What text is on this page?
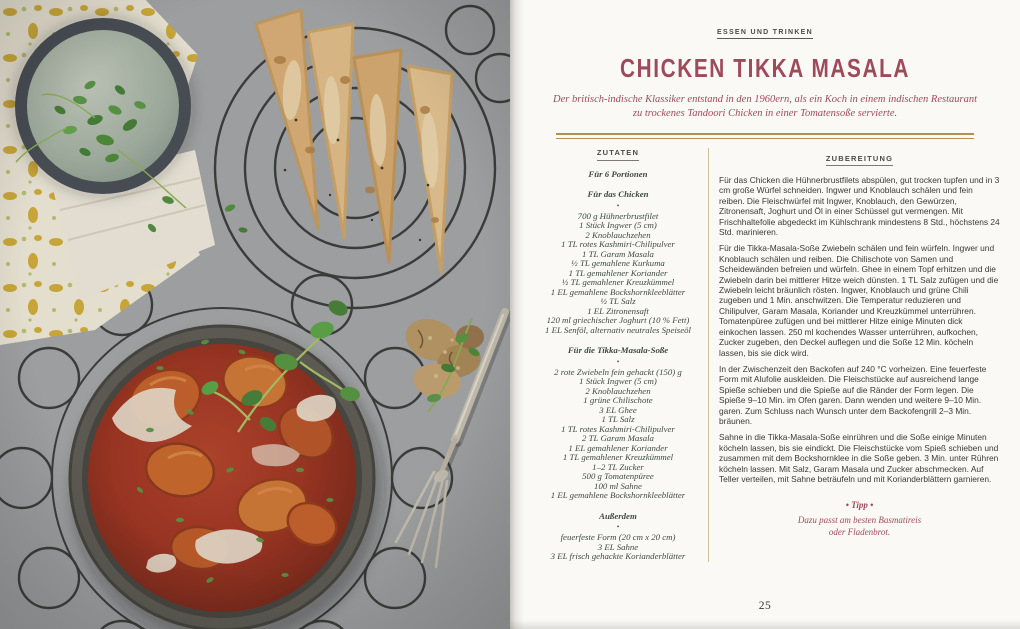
ESSEN UND TRINKEN
CHICKEN TIKKA MASALA

Der britisch-indische Klassiker entstand in den 1960ern, als ein Koch in einem indischen Restaurant
zu trockenes Tandoori Chicken in einer Tomatensoße servierte.

ZUTATEN
Für 6 Portionen
Für das Chicken
•
700 g Hühnerbrustfilet
1 Stück Ingwer (5 cm)
2 Knoblauchzehen
1 TL rotes Kashmiri-Chilipulver
1 TL Garam Masala
½ TL gemahlene Kurkuma
1 TL gemahlener Koriander
½ TL gemahlener Kreuzkümmel
1 EL gemahlene Bockshornkleeblätter
½ TL Salz
1 EL Zitronensaft
120 ml griechischer Joghurt (10 % Fett)
1 EL Senföl, alternativ neutrales Speiseöl
Für die Tikka-Masala-Soße
•
2 rote Zwiebeln fein gehackt (150) g
1 Stück Ingwer (5 cm)
2 Knoblauchzehen
1 grüne Chilischote
3 EL Ghee
1 TL Salz
1 TL rotes Kashmiri-Chilipulver
2 TL Garam Masala
1 EL gemahlener Koriander
1 TL gemahlener Kreuzkümmel
1–2 TL Zucker
500 g Tomatenpüree
100 ml Sahne
1 EL gemahlene Bockshornkleeblätter
Außerdem
•
feuerfeste Form (20 cm x 20 cm)
3 EL Sahne
3 EL frisch gehackte Korianderblätter
ZUBEREITUNG
Für das Chicken die Hühnerbrustfilets abspülen, gut trocken tupfen und in 3 cm große Würfel schneiden. Ingwer und Knoblauch schälen und fein reiben. Die Fleischwürfel mit Ingwer, Knoblauch, den Gewürzen, Zitronensaft, Joghurt und Öl in einer Schüssel gut vermengen. Mit Frischhaltefolie abgedeckt im Kühlschrank mindestens 8 Std., höchstens 24 Std. marinieren.
Für die Tikka-Masala-Soße Zwiebeln schälen und fein würfeln. Ingwer und Knoblauch schälen und reiben. Die Chilischote von Samen und Scheidewänden befreien und würfeln. Ghee in einem Topf erhitzen und die Zwiebeln darin bei mittlerer Hitze weich dünsten. 1 TL Salz zufügen und die Zwiebeln leicht bräunlich rösten. Ingwer, Knoblauch und grüne Chili zugeben und 1 Min. anschwitzen. Die Temperatur reduzieren und Chilipulver, Garam Masala, Koriander und Kreuzkümmel unterrühren. Tomatenpüree zufügen und bei mittlerer Hitze einige Minuten dick einkochen lassen. 250 ml kochendes Wasser unterrühren, aufkochen, Zucker zugeben, den Deckel auflegen und die Soße 12 Min. köcheln lassen, bis sie dick wird.
In der Zwischenzeit den Backofen auf 240 °C vorheizen. Eine feuerfeste Form mit Alufolie auskleiden. Die Fleischstücke auf ausreichend lange Spieße schieben und die Spieße auf die Ränder der Form legen. Die Spieße 9–10 Min. im Ofen garen. Dann wenden und weitere 9–10 Min. garen. Zum Schluss nach Wunsch unter dem Backofengrill 2–3 Min. bräunen.
Sahne in die Tikka-Masala-Soße einrühren und die Soße einige Minuten köcheln lassen, bis sie eindickt. Die Fleischstücke vom Spieß schieben und zusammen mit dem Bockshornklee in die Soße geben. 3 Min. unter Rühren köcheln lassen. Mit Salz, Garam Masala und Zucker abschmecken. Auf Teller verteilen, mit Sahne beträufeln und mit Korianderblättern garnieren.
• Tipp •
Dazu passt am besten Basmatireis
oder Fladenbrot.
25
